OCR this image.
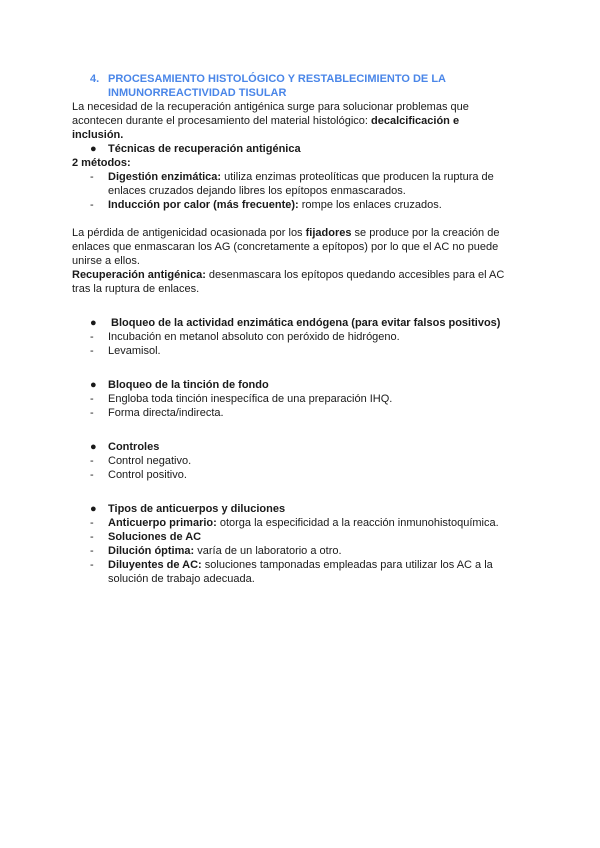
4. PROCESAMIENTO HISTOLÓGICO Y RESTABLECIMIENTO DE LA INMUNORREACTIVIDAD TISULAR

La necesidad de la recuperación antigénica surge para solucionar problemas que acontecen durante el procesamiento del material histológico: decalcificación e inclusión.

●	Técnicas de recuperación antigénica

2 métodos:

-	Digestión enzimática: utiliza enzimas proteolíticas que producen la ruptura de enlaces cruzados dejando libres los epítopos enmascarados.
-	Inducción por calor (más frecuente): rompe los enlaces cruzados.

La pérdida de antigenicidad ocasionada por los fijadores se produce por la creación de enlaces que enmascaran los AG (concretamente a epítopos) por lo que el AC no puede unirse a ellos.

Recuperación antigénica: desenmascara los epítopos quedando accesibles para el AC tras la ruptura de enlaces.

●	Bloqueo de la actividad enzimática endógena (para evitar falsos positivos)
-	Incubación en metanol absoluto con peróxido de hidrógeno.
-	Levamisol.
●	Bloqueo de la tinción de fondo
-	Engloba toda tinción inespecífica de una preparación IHQ.
-	Forma directa/indirecta.
●	Controles
-	Control negativo.
-	Control positivo.
●	Tipos de anticuerpos y diluciones
-	Anticuerpo primario: otorga la especificidad a la reacción inmunohistoquímica.
-	Soluciones de AC
-	Dilución óptima: varía de un laboratorio a otro.
-	Diluyentes de AC: soluciones tamponadas empleadas para utilizar los AC a la solución de trabajo adecuada.
